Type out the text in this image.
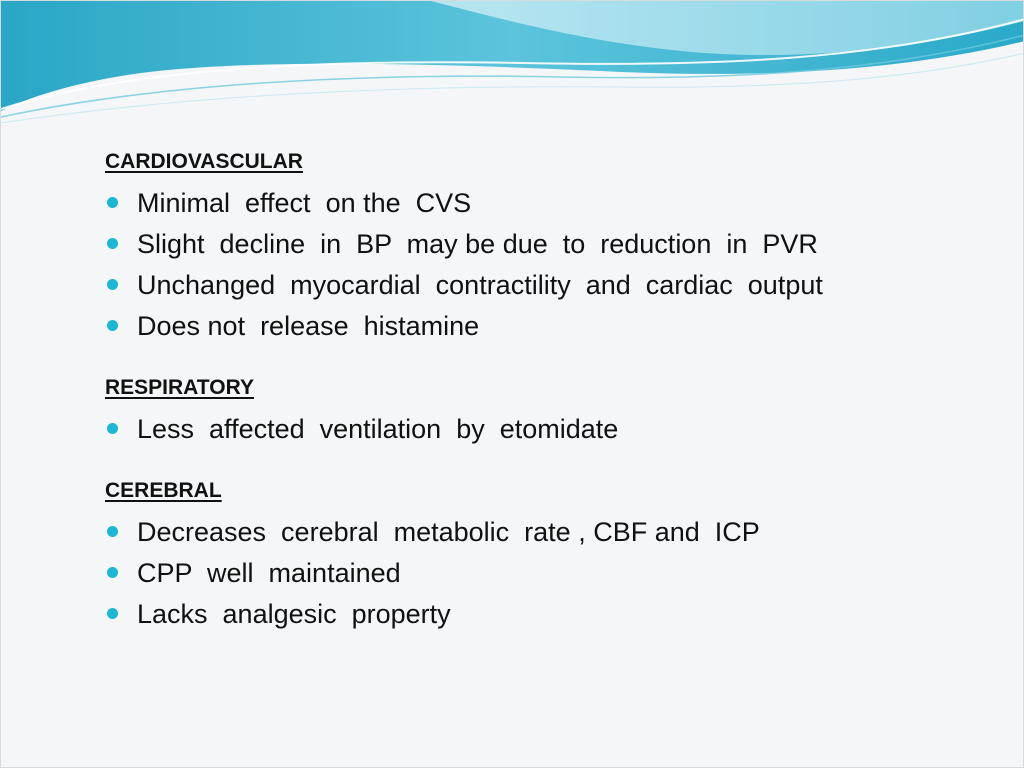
CARDIOVASCULAR
Minimal  effect  on the  CVS
Slight  decline  in  BP  may be due  to  reduction  in  PVR
Unchanged  myocardial  contractility  and  cardiac  output
Does not  release  histamine
RESPIRATORY
Less  affected  ventilation  by  etomidate
CEREBRAL
Decreases  cerebral  metabolic  rate , CBF and  ICP
CPP  well  maintained
Lacks  analgesic  property
